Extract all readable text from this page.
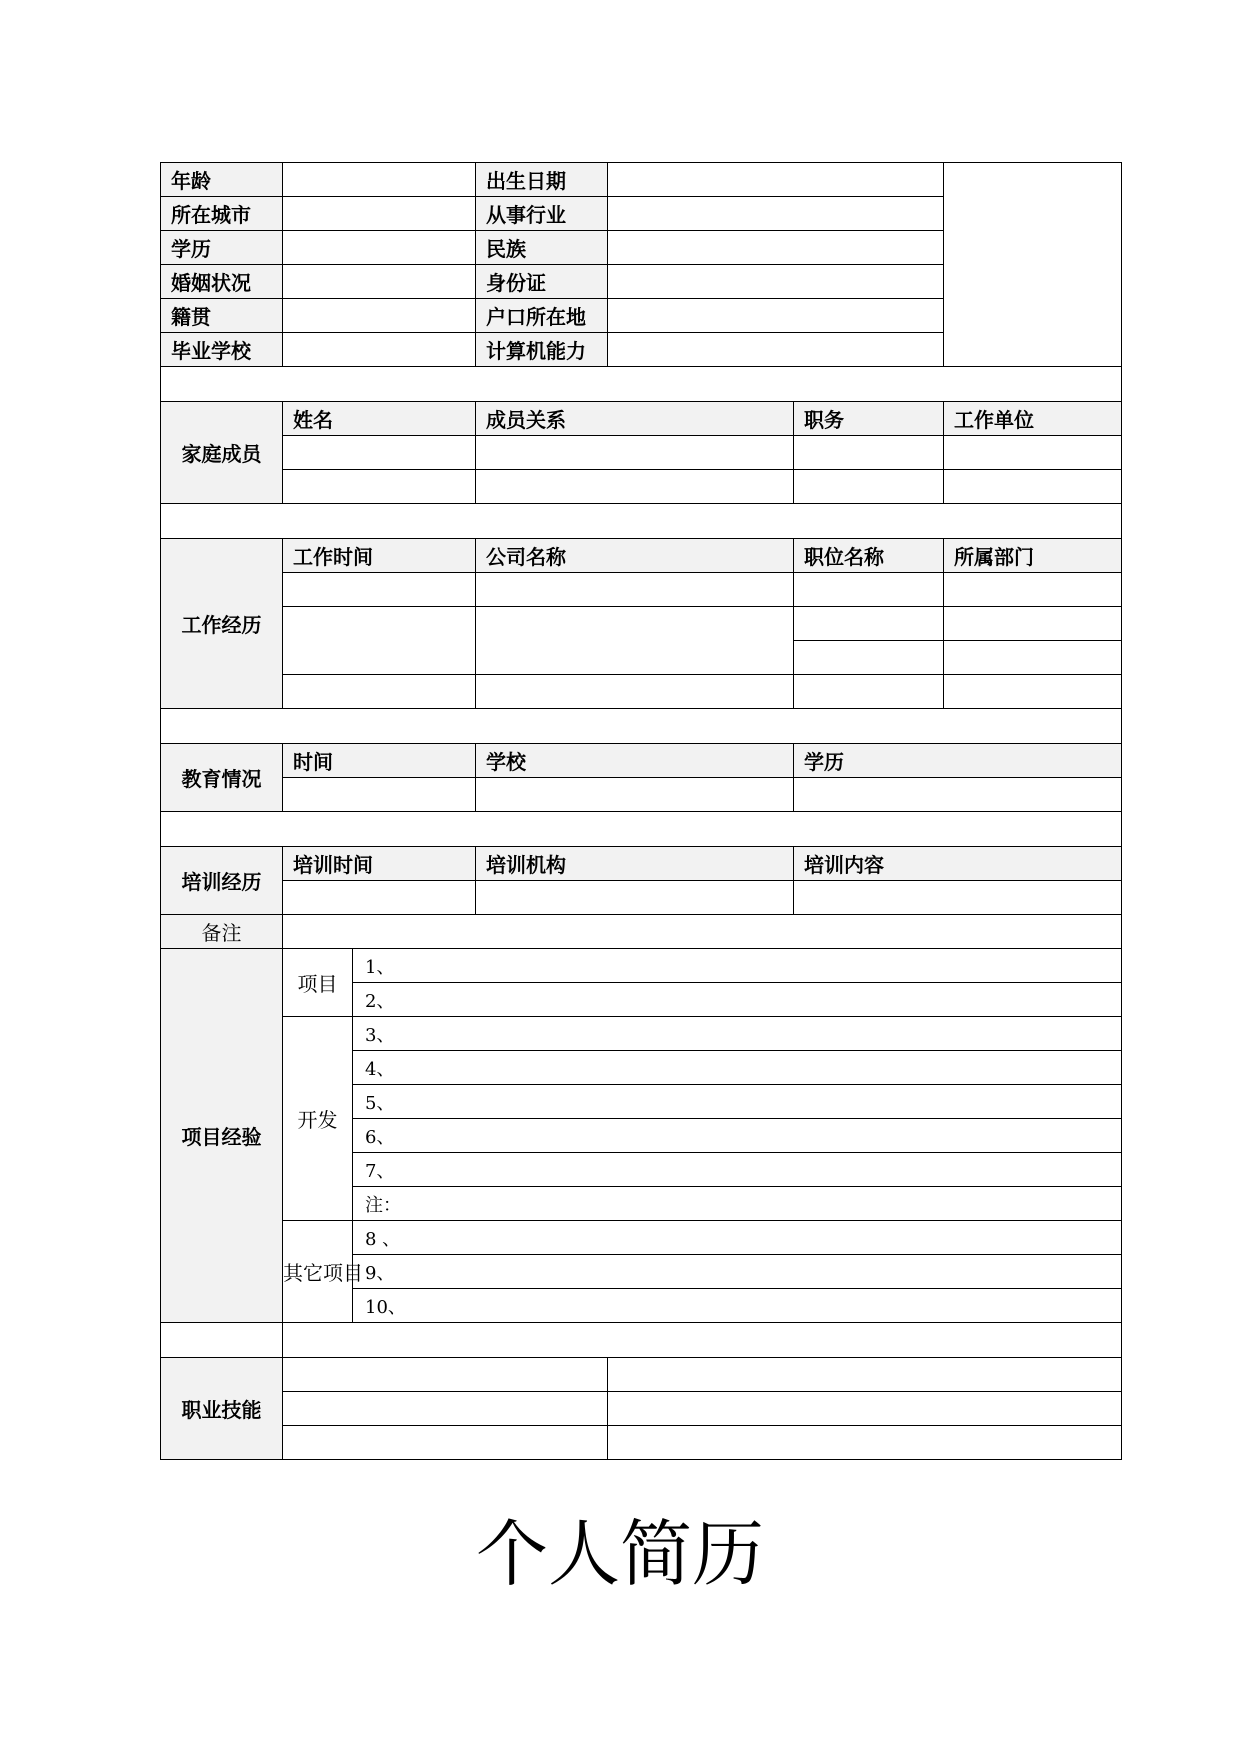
年龄			出生日期			
所在城市			从事行业			
学历			民族			
婚姻状况			身份证			
籍贯			户口所在地			
毕业学校			计算机能力			

家庭成员	姓名		成员关系		职务	工作单位

工作经历	工作时间		公司名称		职位名称	所属部门

教育情况	时间		学校		学历	

培训经历	培训时间		培训机构		培训内容	

备注						
项目经验	项目	1、				
		2、				
	开发	3、				
		4、				
		5、				
		6、				
		7、				
		注：				
	其它项目	8 、				
		9、				
		10、				

职业技能						

个人简历
